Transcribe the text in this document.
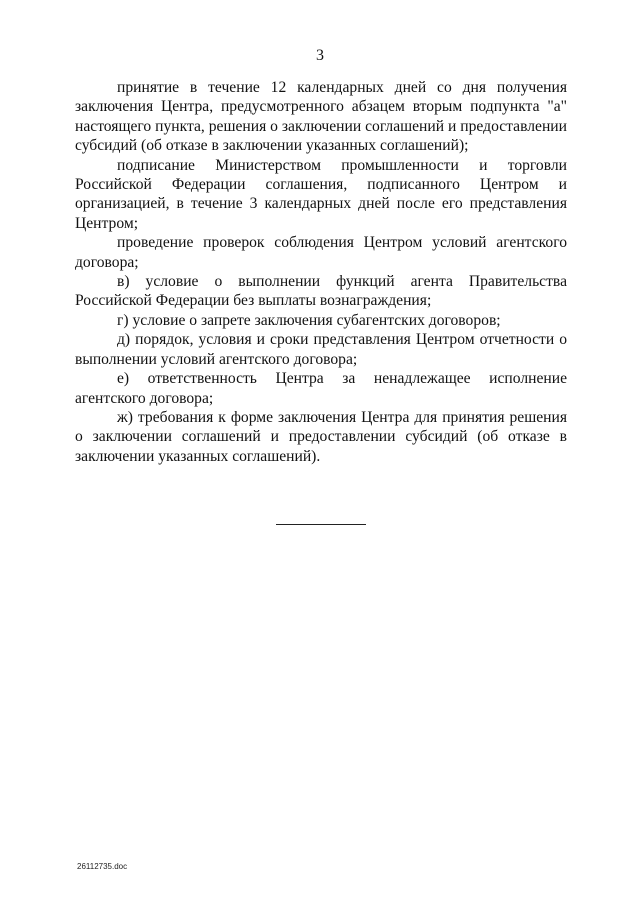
3

принятие в течение 12 календарных дней со дня получения заключения Центра, предусмотренного абзацем вторым подпункта "а" настоящего пункта, решения о заключении соглашений и предоставлении субсидий (об отказе в заключении указанных соглашений);

подписание Министерством промышленности и торговли Российской Федерации соглашения, подписанного Центром и организацией, в течение 3 календарных дней после его представления Центром;

проведение проверок соблюдения Центром условий агентского договора;

в) условие о выполнении функций агента Правительства Российской Федерации без выплаты вознаграждения;

г) условие о запрете заключения субагентских договоров;

д) порядок, условия и сроки представления Центром отчетности о выполнении условий агентского договора;

е) ответственность Центра за ненадлежащее исполнение агентского договора;

ж) требования к форме заключения Центра для принятия решения о заключении соглашений и предоставлении субсидий (об отказе в заключении указанных соглашений).

26112735.doc
